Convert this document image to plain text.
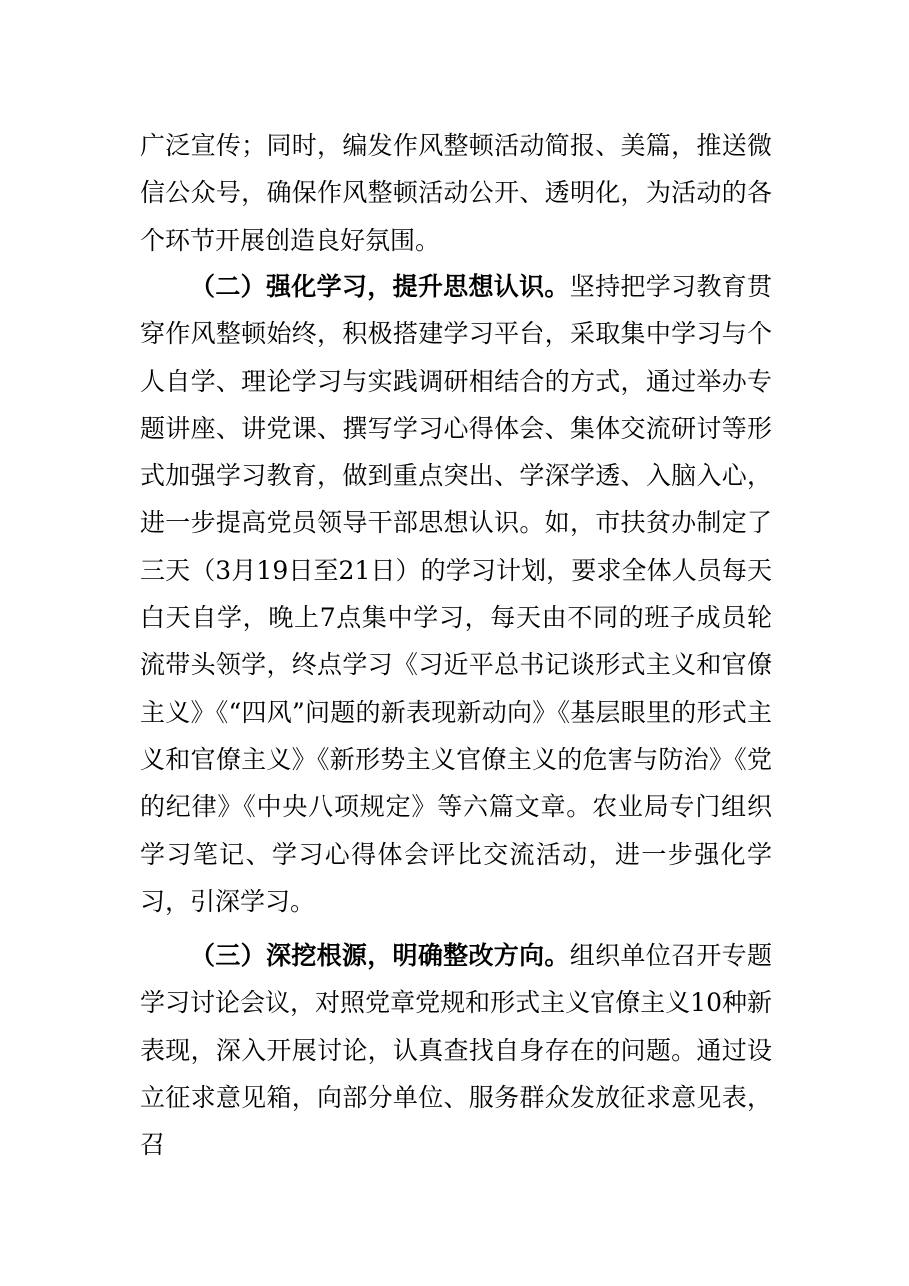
广泛宣传；同时，编发作风整顿活动简报、美篇，推送微信公众号，确保作风整顿活动公开、透明化，为活动的各个环节开展创造良好氛围。

（二）强化学习，提升思想认识。坚持把学习教育贯穿作风整顿始终，积极搭建学习平台，采取集中学习与个人自学、理论学习与实践调研相结合的方式，通过举办专题讲座、讲党课、撰写学习心得体会、集体交流研讨等形式加强学习教育，做到重点突出、学深学透、入脑入心，进一步提高党员领导干部思想认识。如，市扶贫办制定了三天（3月19日至21日）的学习计划，要求全体人员每天白天自学，晚上7点集中学习，每天由不同的班子成员轮流带头领学，终点学习《习近平总书记谈形式主义和官僚主义》《“四风”问题的新表现新动向》《基层眼里的形式主义和官僚主义》《新形势主义官僚主义的危害与防治》《党的纪律》《中央八项规定》等六篇文章。农业局专门组织学习笔记、学习心得体会评比交流活动，进一步强化学习，引深学习。

（三）深挖根源，明确整改方向。组织单位召开专题学习讨论会议，对照党章党规和形式主义官僚主义10种新表现，深入开展讨论，认真查找自身存在的问题。通过设立征求意见箱，向部分单位、服务群众发放征求意见表，召
